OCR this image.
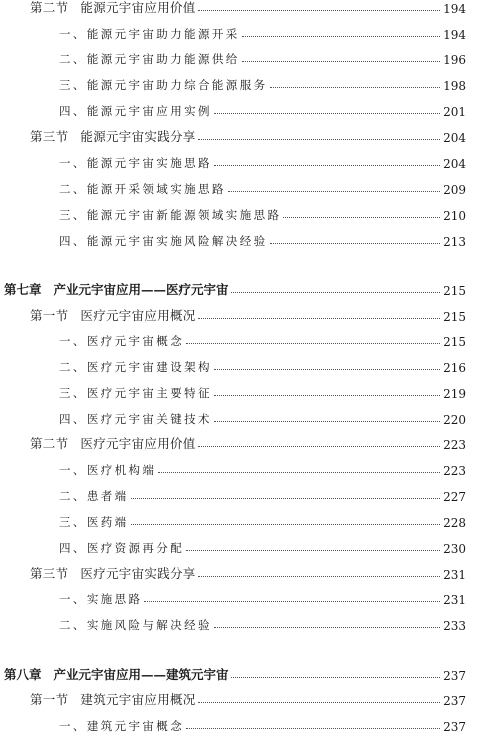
第二节 能源元宇宙应用价值	194
一、能源元宇宙助力能源开采	194
二、能源元宇宙助力能源供给	196
三、能源元宇宙助力综合能源服务	198
四、能源元宇宙应用实例	201
第三节 能源元宇宙实践分享	204
一、能源元宇宙实施思路	204
二、能源开采领域实施思路	209
三、能源元宇宙新能源领域实施思路	210
四、能源元宇宙实施风险解决经验	213
第七章 产业元宇宙应用——医疗元宇宙	215
第一节 医疗元宇宙应用概况	215
一、医疗元宇宙概念	215
二、医疗元宇宙建设架构	216
三、医疗元宇宙主要特征	219
四、医疗元宇宙关键技术	220
第二节 医疗元宇宙应用价值	223
一、医疗机构端	223
二、患者端	227
三、医药端	228
四、医疗资源再分配	230
第三节 医疗元宇宙实践分享	231
一、实施思路	231
二、实施风险与解决经验	233
第八章 产业元宇宙应用——建筑元宇宙	237
第一节 建筑元宇宙应用概况	237
一、建筑元宇宙概念	237
